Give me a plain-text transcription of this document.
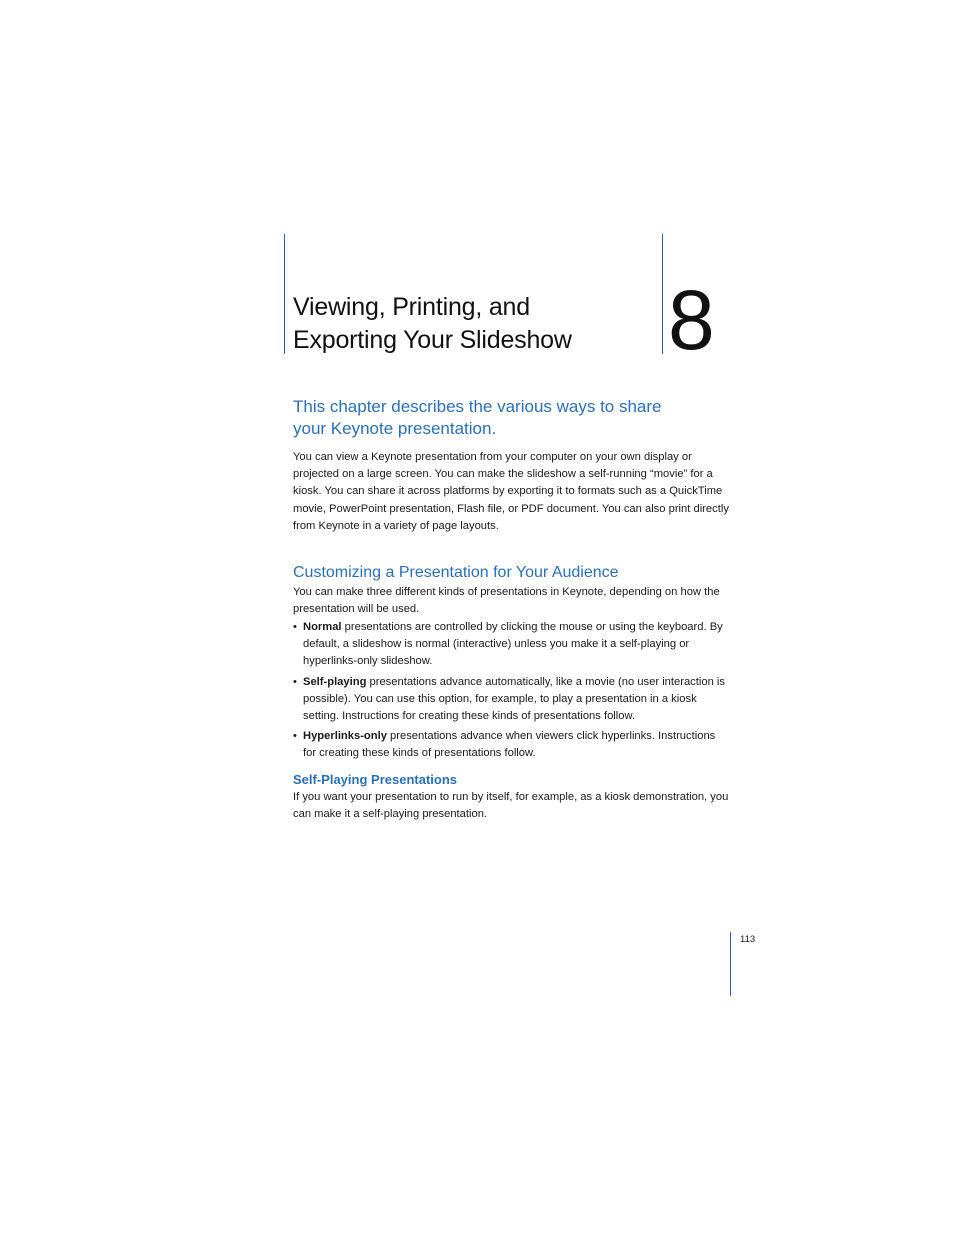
Viewing, Printing, and
Exporting Your Slideshow	8
This chapter describes the various ways to share
your Keynote presentation.

You can view a Keynote presentation from your computer on your own display or projected on a large screen. You can make the slideshow a self-running “movie” for a kiosk. You can share it across platforms by exporting it to formats such as a QuickTime movie, PowerPoint presentation, Flash file, or PDF document. You can also print directly from Keynote in a variety of page layouts.

Customizing a Presentation for Your Audience

You can make three different kinds of presentations in Keynote, depending on how the presentation will be used.

• Normal presentations are controlled by clicking the mouse or using the keyboard. By default, a slideshow is normal (interactive) unless you make it a self-playing or hyperlinks-only slideshow.
• Self-playing presentations advance automatically, like a movie (no user interaction is possible). You can use this option, for example, to play a presentation in a kiosk setting. Instructions for creating these kinds of presentations follow.
• Hyperlinks-only presentations advance when viewers click hyperlinks. Instructions for creating these kinds of presentations follow.
Self-Playing Presentations

If you want your presentation to run by itself, for example, as a kiosk demonstration, you can make it a self-playing presentation.

113
